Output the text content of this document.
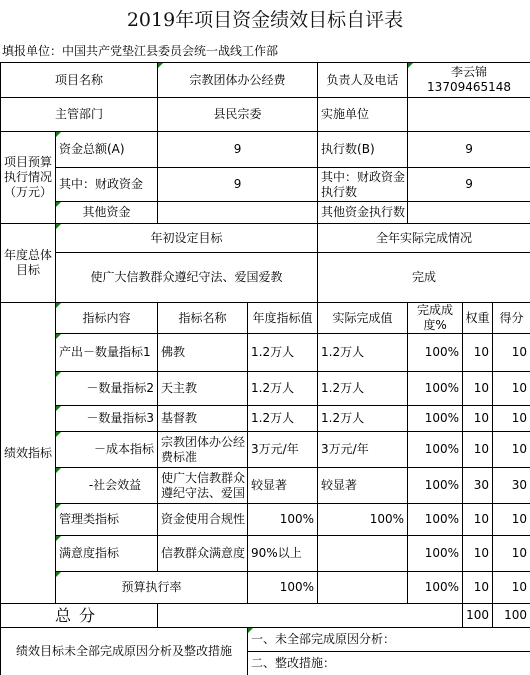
2019年项目资金绩效目标自评表
填报单位：中国共产党垫江县委员会统一战线工作部
项目名称		宗教团体办公经费		负责人及电话	李云锦
13709465148		

主管部门		县民宗委		实施单位			
项目预算执行情况（万元）	资金总额(A)	9		执行数(B)	9		
	其中：财政资金	9		其中：财政资金执行数	9		
	其他资金			其他资金执行数			
年度总体目标	年初设定目标			全年实际完成情况			
	使广大信教群众遵纪守法、爱国爱教			完成			
绩效指标	指标内容	指标名称	年度指标值	实际完成值	完成成度%	权重	得分
	产出－数量指标1	佛教	1.2万人	1.2万人	100%	10	10
	－数量指标2	天主教	1.2万人	1.2万人	100%	10	10
	－数量指标3	基督教	1.2万人	1.2万人	100%	10	10
	－成本指标	宗教团体办公经费标准	3万元/年	3万元/年	100%	10	10
	-社会效益	使广大信教群众遵纪守法、爱国	较显著	较显著	100%	30	30
	管理类指标	资金使用合规性	100%	100%	100%	10	10
	满意度指标	信教群众满意度	90%以上		100%	10	10
	预算执行率		100%		100%	10	10
总分						100	100
绩效目标未全部完成原因分析及整改措施			一、未全部完成原因分析：				
			二、整改措施：				
